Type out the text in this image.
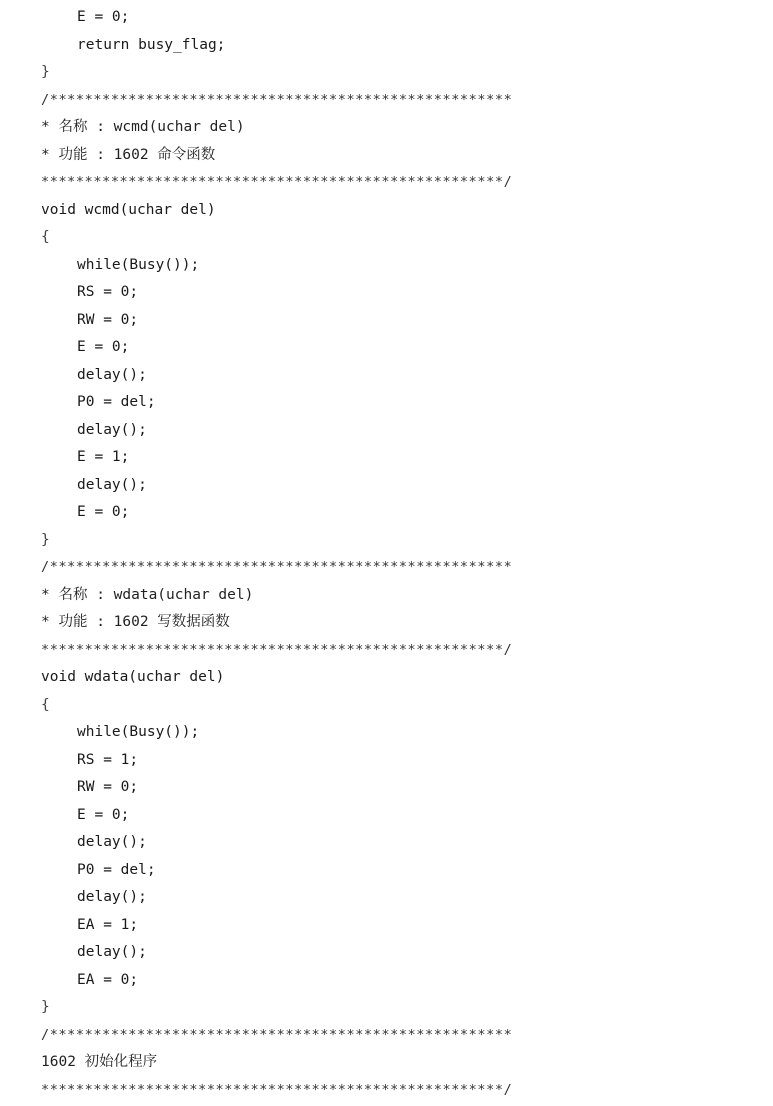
E = 0;
return busy_flag;
}
/*****************************************************
* 名称 : wcmd(uchar del)
* 功能 : 1602 命令函数
*****************************************************/
void wcmd(uchar del)
{
while(Busy());
RS = 0;
RW = 0;
E = 0;
delay();
P0 = del;
delay();
E = 1;
delay();
E = 0;
}
/*****************************************************
* 名称 : wdata(uchar del)
* 功能 : 1602 写数据函数
*****************************************************/
void wdata(uchar del)
{
while(Busy());
RS = 1;
RW = 0;
E = 0;
delay();
P0 = del;
delay();
EA = 1;
delay();
EA = 0;
}
/*****************************************************
1602 初始化程序
*****************************************************/
